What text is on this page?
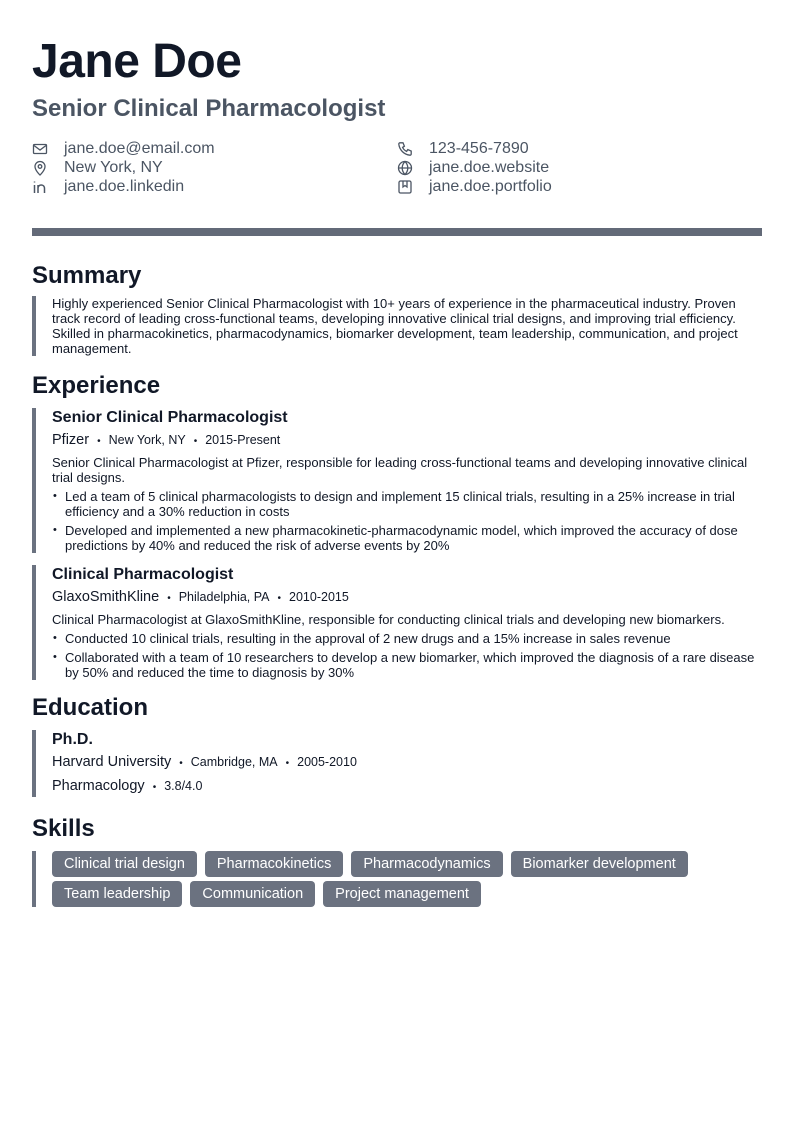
Jane Doe
Senior Clinical Pharmacologist
jane.doe@email.com	123-456-7890
New York, NY	jane.doe.website
jane.doe.linkedin	jane.doe.portfolio
Summary
Highly experienced Senior Clinical Pharmacologist with 10+ years of experience in the pharmaceutical industry. Proven track record of leading cross-functional teams, developing innovative clinical trial designs, and improving trial efficiency. Skilled in pharmacokinetics, pharmacodynamics, biomarker development, team leadership, communication, and project management.
Experience
Senior Clinical Pharmacologist
Pfizer • New York, NY • 2015-Present
Senior Clinical Pharmacologist at Pfizer, responsible for leading cross-functional teams and developing innovative clinical trial designs.
• Led a team of 5 clinical pharmacologists to design and implement 15 clinical trials, resulting in a 25% increase in trial efficiency and a 30% reduction in costs
• Developed and implemented a new pharmacokinetic-pharmacodynamic model, which improved the accuracy of dose predictions by 40% and reduced the risk of adverse events by 20%
Clinical Pharmacologist
GlaxoSmithKline • Philadelphia, PA • 2010-2015
Clinical Pharmacologist at GlaxoSmithKline, responsible for conducting clinical trials and developing new biomarkers.
• Conducted 10 clinical trials, resulting in the approval of 2 new drugs and a 15% increase in sales revenue
• Collaborated with a team of 10 researchers to develop a new biomarker, which improved the diagnosis of a rare disease by 50% and reduced the time to diagnosis by 30%
Education
Ph.D.
Harvard University • Cambridge, MA • 2005-2010
Pharmacology • 3.8/4.0
Skills
Clinical trial design	Pharmacokinetics	Pharmacodynamics	Biomarker development
Team leadership	Communication	Project management
